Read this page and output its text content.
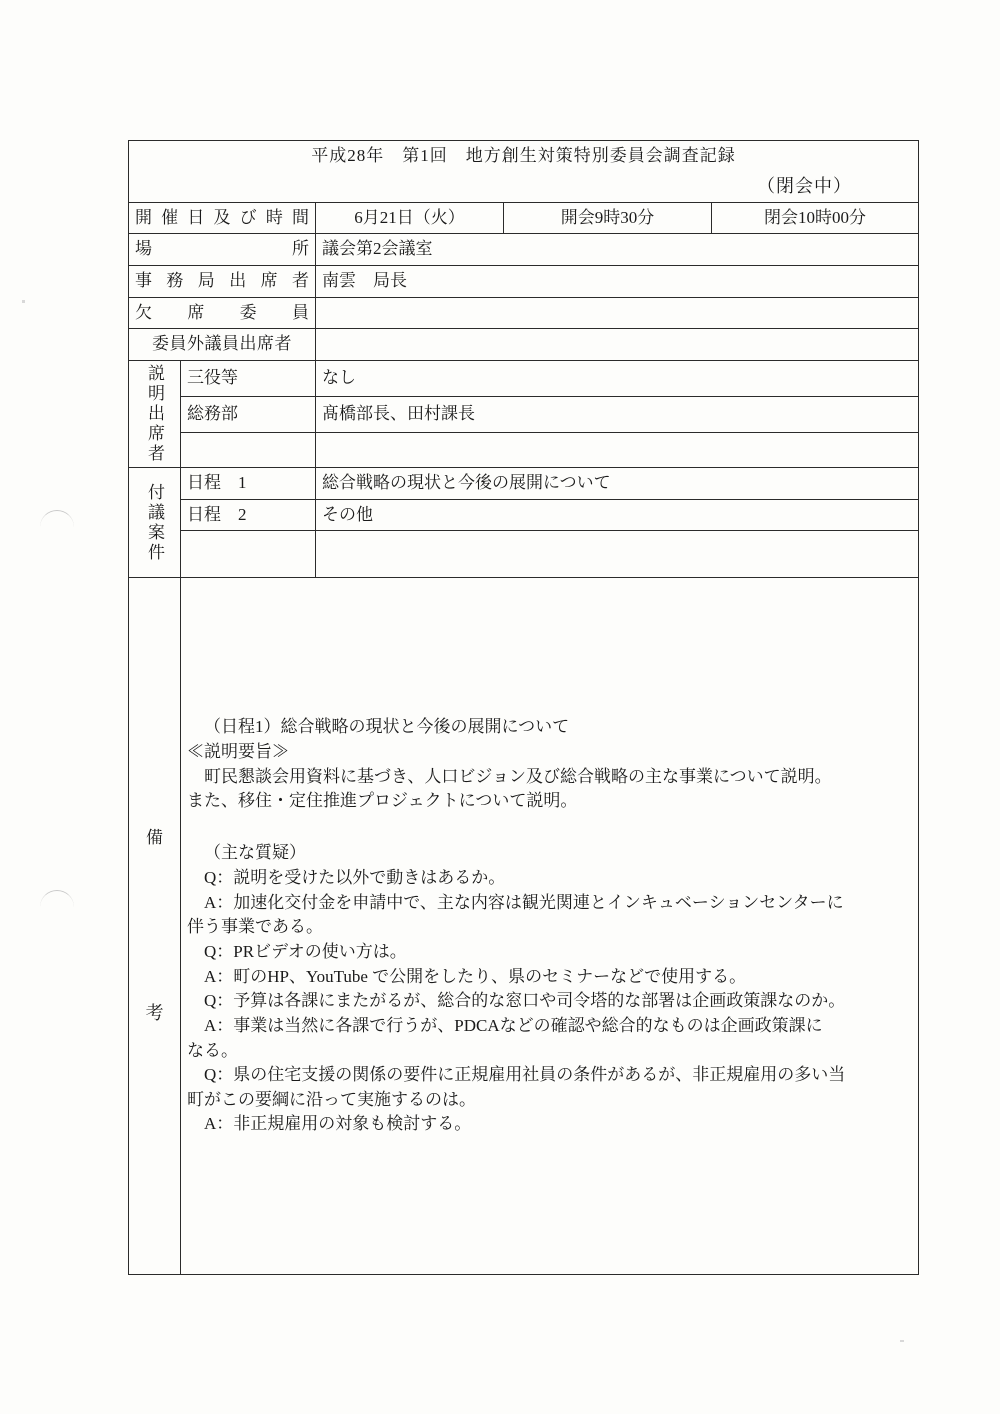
平成28年　第1回　地方創生対策特別委員会調査記録
（閉会中）				

開催日及び時間		6月21日（火）	開会9時30分	閉会10時00分
場　　　所		議会第2会議室		
事務局出席者		南雲　局長		
欠　席　委　員				
委員外議員出席者				

説明出席者	三役等	なし		
	総務部	髙橋部長、田村課長		

付議案件	日程　1	総合戦略の現状と今後の展開について		
	日程　2	その他		

備
考

（日程1）総合戦略の現状と今後の展開について

≪説明要旨≫

　町民懇談会用資料に基づき、人口ビジョン及び総合戦略の主な事業について説明。

また、移住・定住推進プロジェクトについて説明。

（主な質疑）

Q：説明を受けた以外で動きはあるか。

A：加速化交付金を申請中で、主な内容は観光関連とインキュベーションセンターに

伴う事業である。

Q：PRビデオの使い方は。

A：町のHP、YouTube で公開をしたり、県のセミナーなどで使用する。

Q：予算は各課にまたがるが、総合的な窓口や司令塔的な部署は企画政策課なのか。

A：事業は当然に各課で行うが、PDCAなどの確認や総合的なものは企画政策課に

なる。

Q：県の住宅支援の関係の要件に正規雇用社員の条件があるが、非正規雇用の多い当

町がこの要綱に沿って実施するのは。

A：非正規雇用の対象も検討する。
